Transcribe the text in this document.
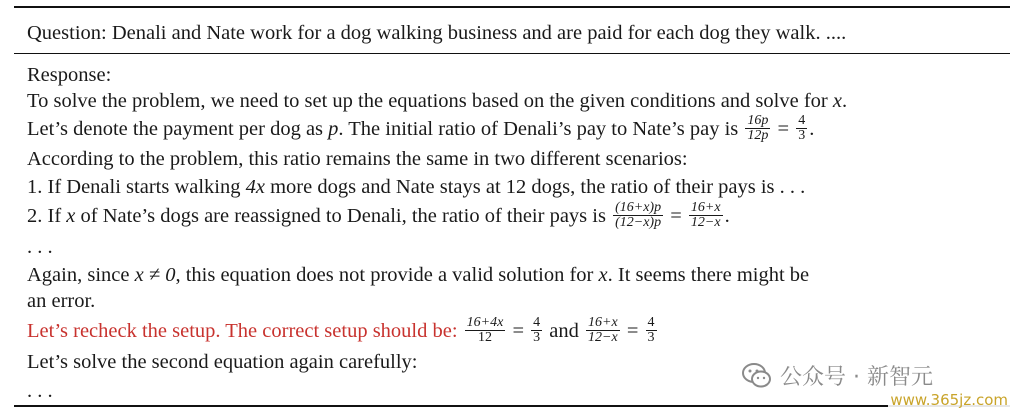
Question: Denali and Nate work for a dog walking business and are paid for each dog they walk. ....
Response:
To solve the problem, we need to set up the equations based on the given conditions and solve for x.
Let’s denote the payment per dog as p. The initial ratio of Denali’s pay to Nate’s pay is $\frac{16p}{12p} = \frac{4}{3}$ .
According to the problem, this ratio remains the same in two different scenarios:
1. If Denali starts walking 4x more dogs and Nate stays at 12 dogs, the ratio of their pays is . . .
2. If x of Nate’s dogs are reassigned to Denali, the ratio of their pays is $\frac{(16+x)p}{(12-x)p} = \frac{16+x}{12-x}$ .
. . .
Again, since x ≠ 0, this equation does not provide a valid solution for x. It seems there might be
an error.
Let’s recheck the setup. The correct setup should be: $\frac{16+4x}{12} = \frac{4}{3}$ and $\frac{16+x}{12-x} = \frac{4}{3}$
Let’s solve the second equation again carefully:
. . .
公众号 · 新智元
www.365jz.com
